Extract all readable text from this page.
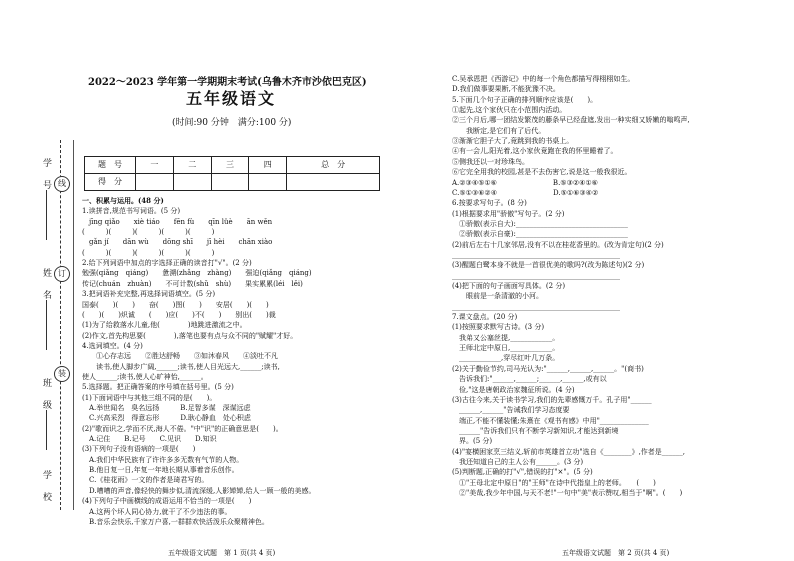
学　号
姓　名
班　级
学　校
线
订
装
2022～2023 学年第一学期期末考试(乌鲁木齐市沙依巴克区)
五年级语文
(时间:90 分钟　满分:100 分)
题　号	一	二	三	四	总　分
得　分					
一、积累与运用。(48 分)
1.读拼音,规范书写词语。(5 分)
　jīng qiǎo　　xiè tiáo　　fēn fù　　qīn lüè　　ān wěn
(　　　)(　　　)(　　　)(　　　)(　　　)
　gǎn jí　　dān wù　　dōng shī　　jī hèi　　chān xiào
(　　　)(　　　)(　　　)(　　　)(　　　)
2.给下列词语中加点的字选择正确的读音打"√"。(2 分)
勉强(qiǎng　qiáng)　　惫溯(zhǎng　zhàng)　　强迫(qiǎng　qiáng)
传记(chuán　zhuàn)　　不可计数(shǔ　shù)　　果实累累(léi　lěi)
3.把词语补充完整,再选择词语填空。(5 分)
国泰(　　)(　　)　　奋(　　)图(　　)　　安居(　　)(　　)
(　　)(　　)炽诚　　(　　)应(　　)不(　　)　　别出(　　)裁
(1)为了给救落水儿童,他(　　　　)地跳进激流之中。
(2)作文,首先构思要(　　　　),落笔也要有点与众不同的"赋耀"才好。
4.选词填空。(4 分)
　　①心存志远　　②胜达舒畅　　③如沐春风　　④淡吐不凡
　　读书,使人脚步广阔,______;读书,使人目光远大,______;读书,
使人______;读书,使人心旷神怡,______。
5.选择题。把正确答案的序号填在括号里。(5 分)
(1)下面词语中与其他三组不同的是(　　)。
　A.举世闻名　臭名远扬　　　B.足智多谋　深谋远虑
　C.兴高采烈　得意忘形　　　D.耿心静血　处心积虑
(2)"歌而识之,学而不厌,海人不倦。"中"识"的正确意思是(　　)。
　A.记住　　B.记号　　C.见识　　D.知识
(3)下列句子没有语病的一项是(　　)
　A.我们中华民族有了许许多多无数有气节的人物。
　B.他日复一日,年复一年地长期从事着音乐创作。
　C.《桂花雨》一文的作者是琦君写的。
　D.嘈嘈的声音,像轻快的舞步似,清流深缓,人影婵婵,给人一顾一般的美感。
(4)下列句子中画横线的成语运用不恰当的一项是(　　)
　A.这两个坏人同心协力,就干了不少违法的事。
　B.音乐会快乐,千家万户喜,一群群欢快活泼乐众聚精神色。
C.吴承恩把《西游记》中的每一个角色都描写得栩栩如生。
D.我们做事要果断,不能犹豫不决。
5.下面几个句子正确的排列顺序应该是(　　)。
①起先,这个家伙只在小范围内活动。
②三个月后,哪一团结发繁茂的藤条早已经盘遮,发出一种实细又娇嫩的嗡鸣声,
　　我断定,是它们有了后代。
③渐渐它胆子大了,竟跳到我的书桌上。
④有一会儿,阳光着,这小家伙竟跑在我的怀里睡着了。
⑤侧我还以一对珍珠鸟。
⑥它完全用我的校园,甚是不去伤害它,说是这一般我很近。
A.②③④⑤①⑥　　　　　　　　B.⑤③②④①⑥
C.⑤①③⑥②④　　　　　　　　D.⑤①⑥③④②
6.按要求写句子。(8 分)
(1)根据要求用"骄傲"写句子。(2 分)
　①骄傲(表示自大):________________________________
　②骄傲(表示自豪):________________________________
(2)前后左右十几家邻居,没有不以在桂花香里的。(改为肯定句)(2 分)
________________________________________________
(3)醒题白鹭本身不就是一首很优美的歌吗?(改为陈述句)(2 分)
________________________________________________
(4)把下面的句子画面写具体。(2 分)
　　眼前是一条清澈的小河。
________________________________________________
7.课文盘点。(20 分)
(1)按照要求默写古诗。(3 分)
　我弟又公塞丝提,____________。
　王师北定中原日,____________。
　____________,穿尽红叶几万条。
(2)关于勤俭节约,司马光认为:"______,______,______。"(商书)
　告诉我们:"______,______;______,______,或有以
　俭,"这是唐朝政治家魏征所说。(4 分)
(3)古往今来,关于读书学习,我们的先辈感慨万千。孔子用"______
　______,______"告诫我们学习态度要
　端正,不能不懂装懂;朱熹在《观书有感》中用"______________
　______"告诉我们只有不断学习新知识,才能达到新境
　界。(5 分)
(4)"宴横困家烹三结义,斩前市英雄首立功"选自《________》,作者是______,
　我还知道自己的主人公有______。(3 分)
(5)判断题,正确的打"√",错误的打"×"。(5 分)
　①"王母北定中原日"的"王师"在诗中代指皇上的老师。　　(　　)
　②"美哉,我少年中国,与天不老!"一句中"美"表示赞叹,相当于"啊"。(　　)
五年级语文试题　第 1 页(共 4 页)	五年级语文试题　第 2 页(共 4 页)
